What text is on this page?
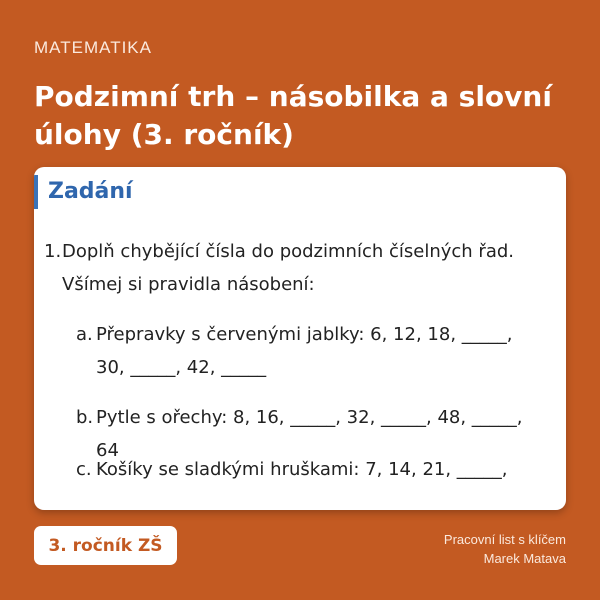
MATEMATIKA
Podzimní trh – násobilka a slovní úlohy (3. ročník)
Zadání
1. Doplň chybějící čísla do podzimních číselných řad. Všímej si pravidla násobení:
a. Přepravky s červenými jablky: 6, 12, 18, _____, 30, _____, 42, _____
b. Pytle s ořechy: 8, 16, _____, 32, _____, 48, _____, 64
c. Košíky se sladkými hruškami: 7, 14, 21, _____,
3. ročník ZŠ	Pracovní list s klíčem
Marek Matava
